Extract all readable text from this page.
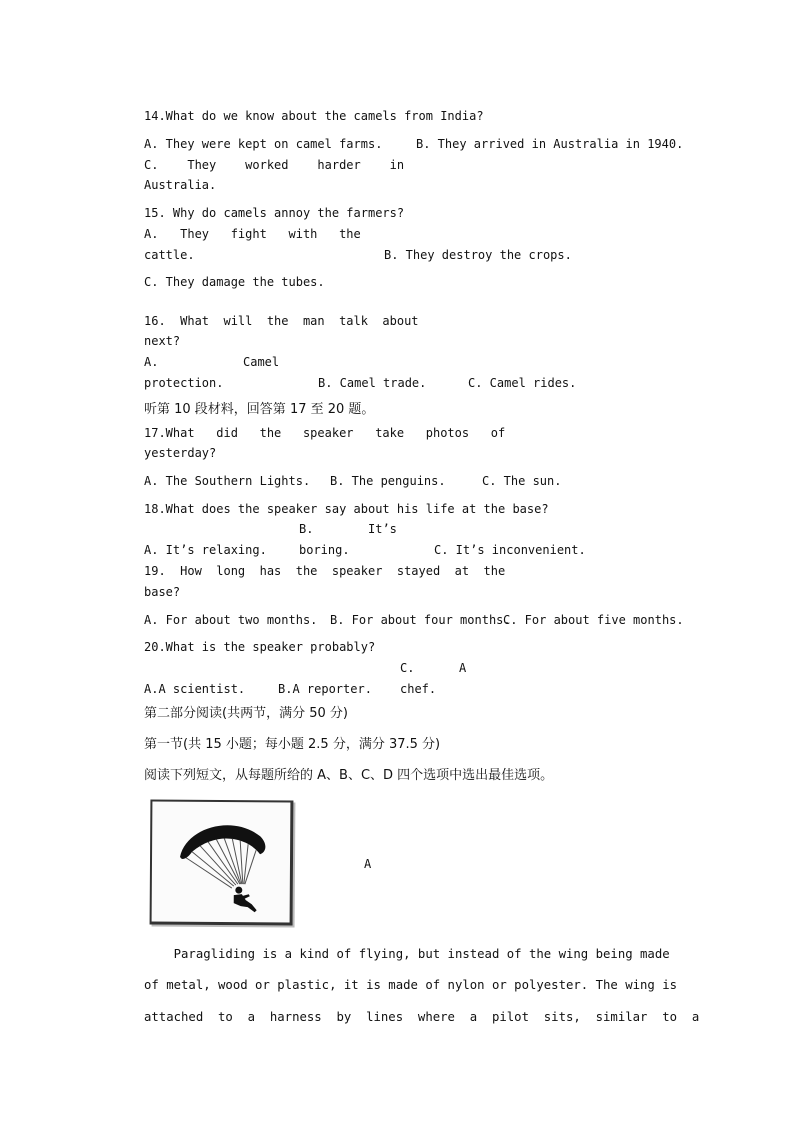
14.What do we know about the camels from India?
A. They were kept on camel farms.	B. They arrived in Australia in 1940.
C.    They    worked    harder    in
Australia.
15. Why do camels annoy the farmers?
A.   They   fight   with   the
cattle.	B. They destroy the crops.
C. They damage the tubes.
16.  What  will  the  man  talk  about
next?
A.	Camel
protection.	B. Camel trade.	C. Camel rides.
听第 10 段材料，回答第 17 至 20 题。
17.What   did   the   speaker   take   photos   of
yesterday?
A. The Southern Lights. B. The penguins.	C. The sun.
18.What does the speaker say about his life at the base?
B.	It’s
A. It’s relaxing.	boring.	C. It’s inconvenient.
19.  How  long  has  the  speaker  stayed  at  the
base?
A. For about two months. B. For about four months.
C. For about five months.
20.What is the speaker probably?
C.	A
A.A scientist.	B.A reporter. chef.
第二部分阅读(共两节，满分 50 分)
第一节(共 15 小题；每小题 2.5 分，满分 37.5 分)
阅读下列短文，从每题所给的 A、B、C、D 四个选项中选出最佳选项。
A
Paragliding is a kind of flying, but instead of the wing being made
of metal, wood or plastic, it is made of nylon or polyester. The wing is
attached  to  a  harness  by  lines  where  a  pilot  sits,  similar  to  a
